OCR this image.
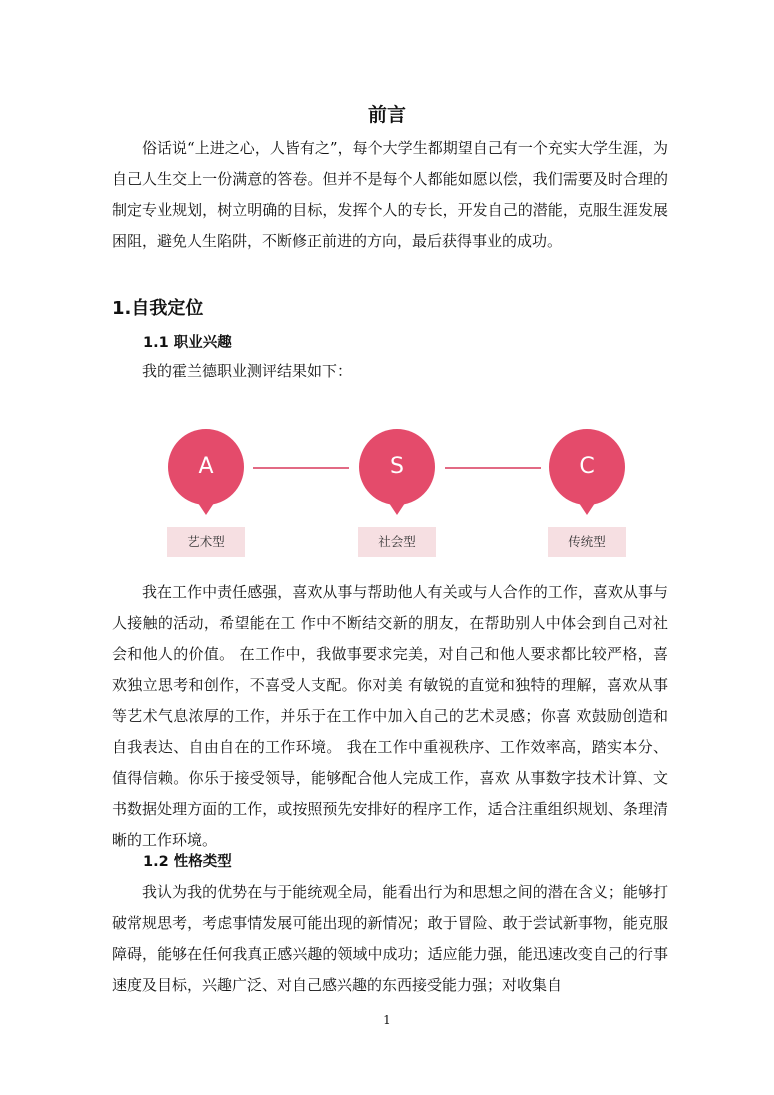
前言

俗话说“上进之心，人皆有之”，每个大学生都期望自己有一个充实大学生涯，为自己人生交上一份满意的答卷。但并不是每个人都能如愿以偿，我们需要及时合理的制定专业规划，树立明确的目标，发挥个人的专长，开发自己的潜能，克服生涯发展困阻，避免人生陷阱，不断修正前进的方向，最后获得事业的成功。

1.自我定位
1.1 职业兴趣

我的霍兰德职业测评结果如下：

A
艺术型
S
社会型
C
传统型

我在工作中责任感强，喜欢从事与帮助他人有关或与人合作的工作，喜欢从事与人接触的活动，希望能在工 作中不断结交新的朋友，在帮助别人中体会到自己对社会和他人的价值。 在工作中，我做事要求完美，对自己和他人要求都比较严格，喜欢独立思考和创作，不喜受人支配。你对美 有敏锐的直觉和独特的理解，喜欢从事等艺术气息浓厚的工作，并乐于在工作中加入自己的艺术灵感；你喜 欢鼓励创造和自我表达、自由自在的工作环境。 我在工作中重视秩序、工作效率高，踏实本分、值得信赖。你乐于接受领导，能够配合他人完成工作，喜欢 从事数字技术计算、文书数据处理方面的工作，或按照预先安排好的程序工作，适合注重组织规划、条理清 晰的工作环境。

1.2 性格类型

我认为我的优势在与于能统观全局，能看出行为和思想之间的潜在含义；能够打破常规思考，考虑事情发展可能出现的新情况；敢于冒险、敢于尝试新事物，能克服障碍，能够在任何我真正感兴趣的领域中成功；适应能力强，能迅速改变自己的行事速度及目标，兴趣广泛、对自己感兴趣的东西接受能力强；对收集自

1
